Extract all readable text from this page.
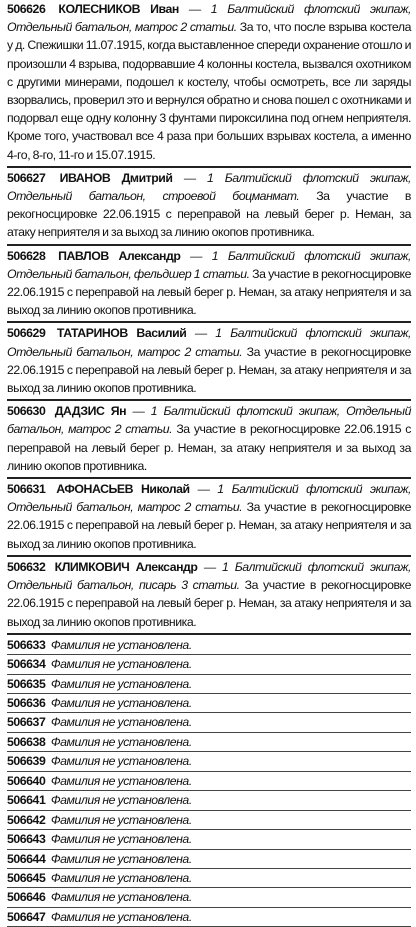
506626 КОЛЕСНИКОВ Иван — 1 Балтийский флотский экипаж, Отдельный батальон, матрос 2 статьи. За то, что после взрыва костела у д. Спежишки 11.07.1915, когда выставленное спереди охранение отошло и произошли 4 взрыва, подорвавшие 4 колонны костела, вызвался охотником с другими минерами, подошел к костелу, чтобы осмотреть, все ли заряды взорвались, проверил это и вернулся обратно и снова пошел с охотниками и подорвал еще одну колонну 3 фунтами пироксилина под огнем неприятеля. Кроме того, участвовал все 4 раза при больших взрывах костела, а именно 4-го, 8-го, 11-го и 15.07.1915.
506627 ИВАНОВ Дмитрий — 1 Балтийский флотский экипаж, Отдельный батальон, строевой боцманмат. За участие в рекогносцировке 22.06.1915 с переправой на левый берег р. Неман, за атаку неприятеля и за выход за линию окопов противника.
506628 ПАВЛОВ Александр — 1 Балтийский флотский экипаж, Отдельный батальон, фельдшер 1 статьи. За участие в рекогносцировке 22.06.1915 с переправой на левый берег р. Неман, за атаку неприятеля и за выход за линию окопов противника.
506629 ТАТАРИНОВ Василий — 1 Балтийский флотский экипаж, Отдельный батальон, матрос 2 статьи. За участие в рекогносцировке 22.06.1915 с переправой на левый берег р. Неман, за атаку неприятеля и за выход за линию окопов противника.
506630 ДАДЗИС Ян — 1 Балтийский флотский экипаж, Отдельный батальон, матрос 2 статьи. За участие в рекогносцировке 22.06.1915 с переправой на левый берег р. Неман, за атаку неприятеля и за выход за линию окопов противника.
506631 АФОНАСЬЕВ Николай — 1 Балтийский флотский экипаж, Отдельный батальон, матрос 2 статьи. За участие в рекогносцировке 22.06.1915 с переправой на левый берег р. Неман, за атаку неприятеля и за выход за линию окопов противника.
506632 КЛИМКОВИЧ Александр — 1 Балтийский флотский экипаж, Отдельный батальон, писарь 3 статьи. За участие в рекогносцировке 22.06.1915 с переправой на левый берег р. Неман, за атаку неприятеля и за выход за линию окопов противника.
506633 Фамилия не установлена.
506634 Фамилия не установлена.
506635 Фамилия не установлена.
506636 Фамилия не установлена.
506637 Фамилия не установлена.
506638 Фамилия не установлена.
506639 Фамилия не установлена.
506640 Фамилия не установлена.
506641 Фамилия не установлена.
506642 Фамилия не установлена.
506643 Фамилия не установлена.
506644 Фамилия не установлена.
506645 Фамилия не установлена.
506646 Фамилия не установлена.
506647 Фамилия не установлена.
